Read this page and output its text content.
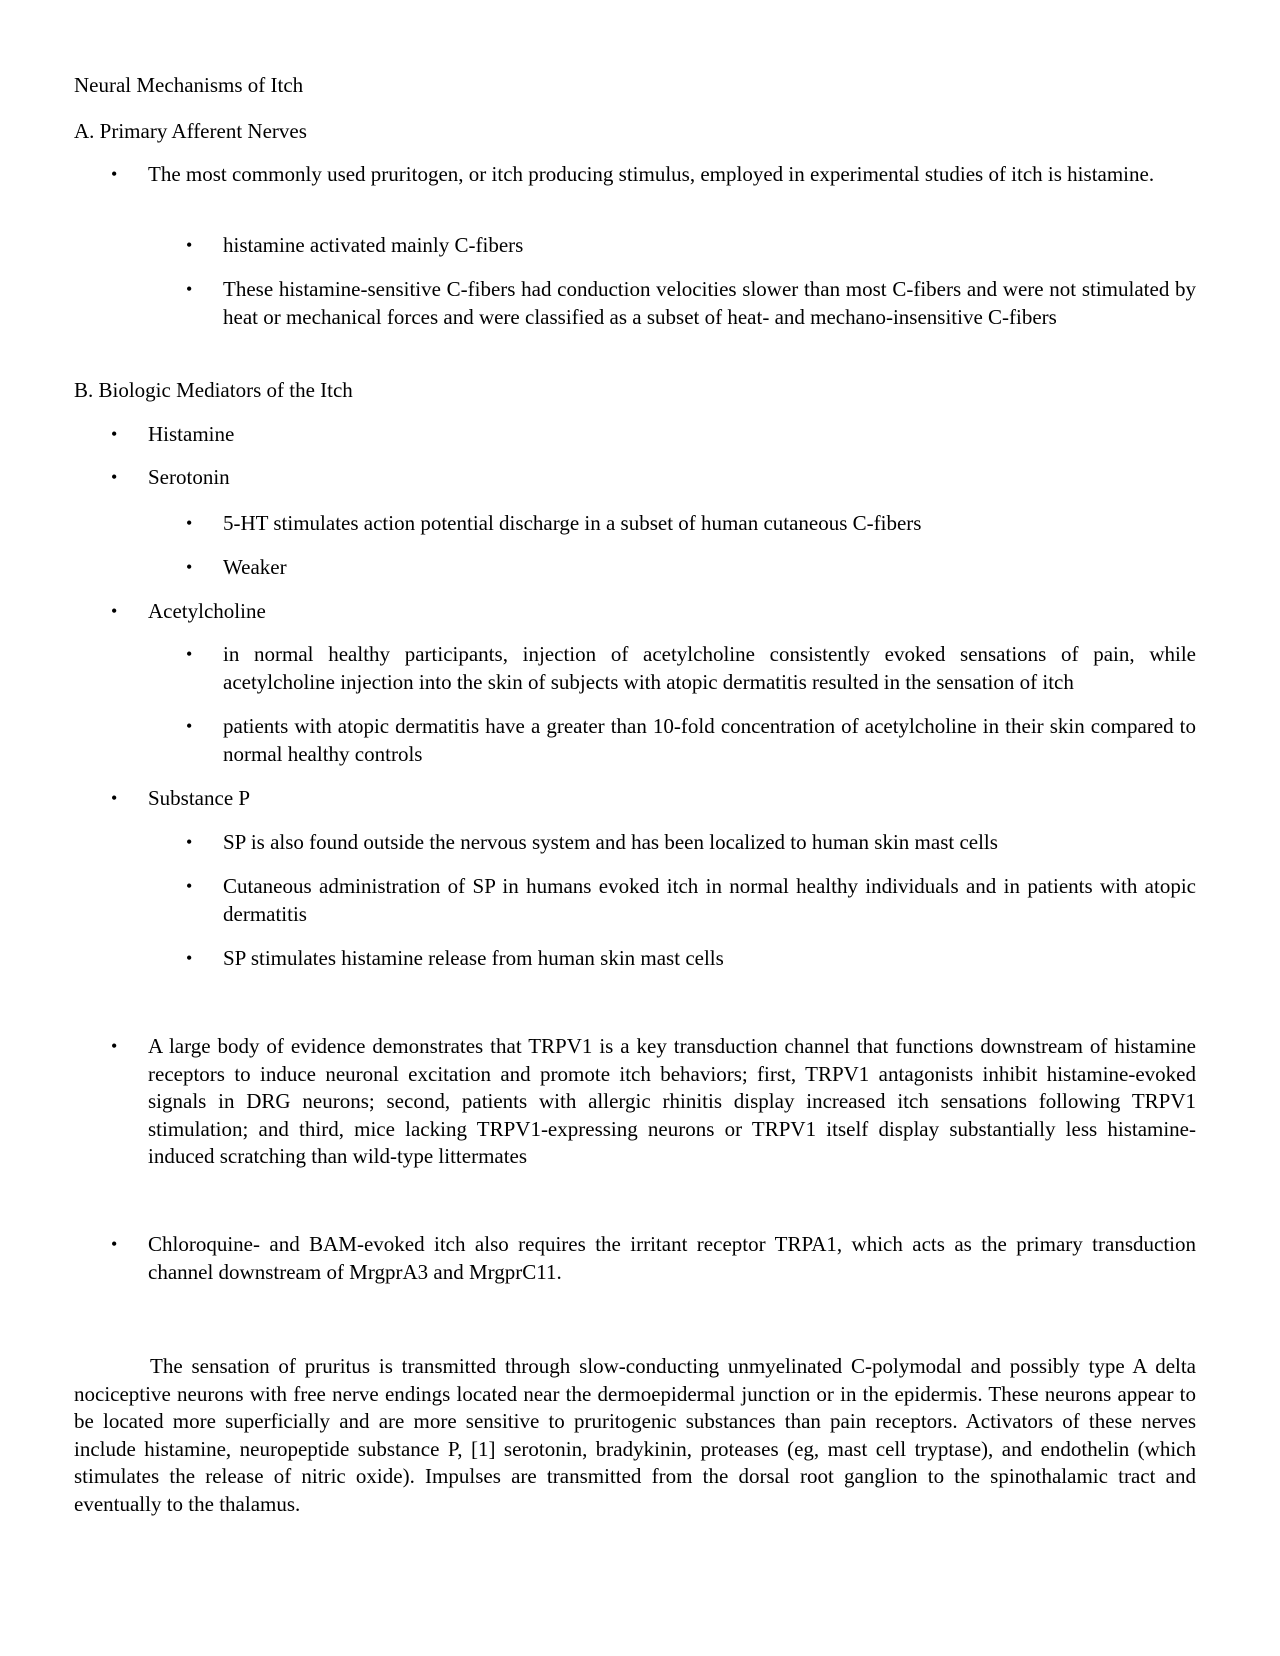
Neural Mechanisms of Itch
A. Primary Afferent Nerves
• The most commonly used pruritogen, or itch producing stimulus, employed in experimental studies of itch is histamine.

• histamine activated mainly C-fibers

• These histamine-sensitive C-fibers had conduction velocities slower than most C-fibers and were not stimulated by heat or mechanical forces and were classified as a subset of heat- and mechano-insensitive C-fibers

B. Biologic Mediators of the Itch
• Histamine

• Serotonin

• 5-HT stimulates action potential discharge in a subset of human cutaneous C-fibers

• Weaker

• Acetylcholine

• in normal healthy participants, injection of acetylcholine consistently evoked sensations of pain, while acetylcholine injection into the skin of subjects with atopic dermatitis resulted in the sensation of itch

• patients with atopic dermatitis have a greater than 10-fold concentration of acetylcholine in their skin compared to normal healthy controls

• Substance P

• SP is also found outside the nervous system and has been localized to human skin mast cells

• Cutaneous administration of SP in humans evoked itch in normal healthy individuals and in patients with atopic dermatitis

• SP stimulates histamine release from human skin mast cells

• A large body of evidence demonstrates that TRPV1 is a key transduction channel that functions downstream of histamine receptors to induce neuronal excitation and promote itch behaviors; first, TRPV1 antagonists inhibit histamine-evoked signals in DRG neurons; second, patients with allergic rhinitis display increased itch sensations following TRPV1 stimulation; and third, mice lacking TRPV1-expressing neurons or TRPV1 itself display substantially less histamine-induced scratching than wild-type littermates

• Chloroquine- and BAM-evoked itch also requires the irritant receptor TRPA1, which acts as the primary transduction channel downstream of MrgprA3 and MrgprC11.

The sensation of pruritus is transmitted through slow-conducting unmyelinated C-polymodal and possibly type A delta nociceptive neurons with free nerve endings located near the dermoepidermal junction or in the epidermis. These neurons appear to be located more superficially and are more sensitive to pruritogenic substances than pain receptors. Activators of these nerves include histamine, neuropeptide substance P, [1] serotonin, bradykinin, proteases (eg, mast cell tryptase), and endothelin (which stimulates the release of nitric oxide). Impulses are transmitted from the dorsal root ganglion to the spinothalamic tract and eventually to the thalamus.
